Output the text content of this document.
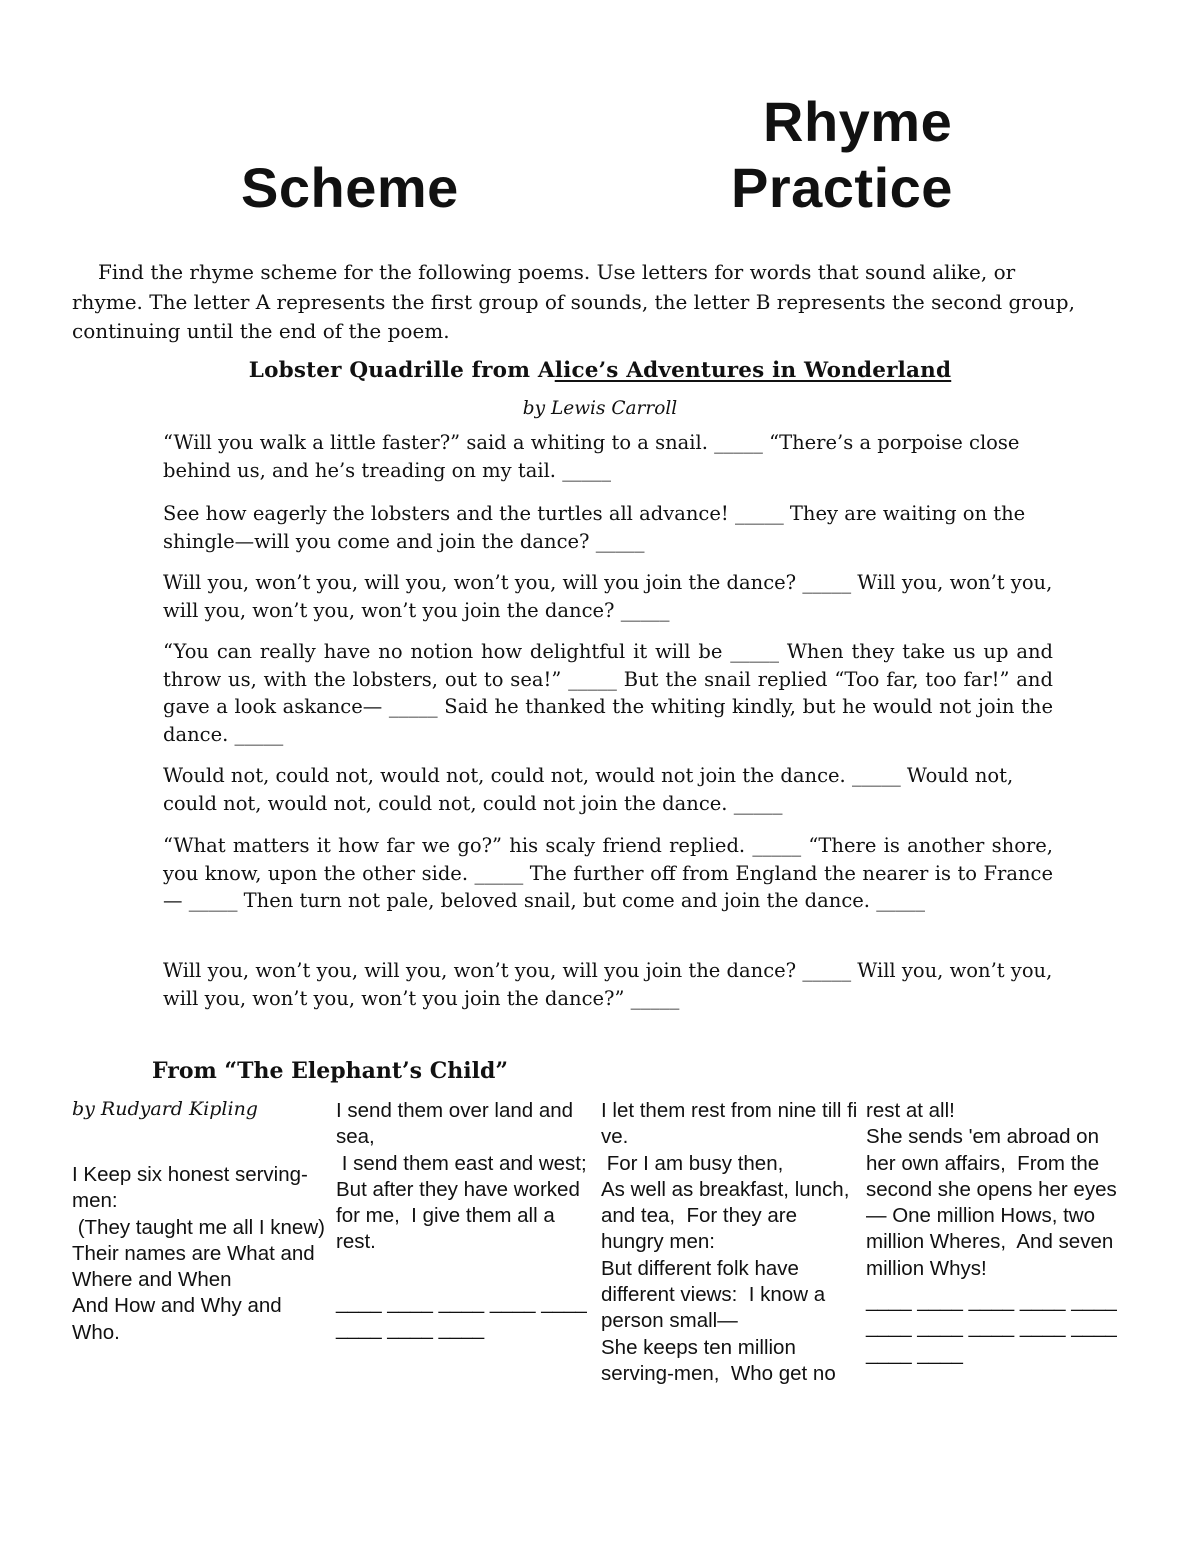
Rhyme
Scheme	Practice

Find the rhyme scheme for the following poems. Use letters for words that sound alike, or rhyme. The letter A represents the first group of sounds, the letter B represents the second group, continuing until the end of the poem.

Lobster Quadrille from Alice’s Adventures in Wonderland
by Lewis Carroll

“Will you walk a little faster?” said a whiting to a snail. _____ “There’s a porpoise close behind us, and he’s treading on my tail. _____

See how eagerly the lobsters and the turtles all advance! _____ They are waiting on the shingle—will you come and join the dance? _____

Will you, won’t you, will you, won’t you, will you join the dance? _____ Will you, won’t you, will you, won’t you, won’t you join the dance? _____

“You can really have no notion how delightful it will be _____ When they take us up and throw us, with the lobsters, out to sea!” _____ But the snail replied “Too far, too far!” and gave a look askance— _____ Said he thanked the whiting kindly, but he would not join the dance. _____

Would not, could not, would not, could not, would not join the dance. _____ Would not, could not, would not, could not, could not join the dance. _____

“What matters it how far we go?” his scaly friend replied. _____ “There is another shore, you know, upon the other side. _____ The further off from England the nearer is to France— _____ Then turn not pale, beloved snail, but come and join the dance. _____

Will you, won’t you, will you, won’t you, will you join the dance? _____ Will you, won’t you, will you, won’t you, won’t you join the dance?” _____

From “The Elephant’s Child”
by Rudyard Kipling
I Keep six honest serving-men:
(They taught me all I knew)
Their names are What and Where and When
And How and Why and Who.

I send them over land and sea,
I send them east and west;
But after they have worked for me,  I give them all a rest.

____ ____ ____ ____ ____
____ ____ ____

I let them rest from nine till fi ve.
For I am busy then,
As well as breakfast, lunch, and tea,  For they are hungry men:
But different folk have different views:  I know a person small—
She keeps ten million serving-men,  Who get no

rest at all!
She sends 'em abroad on her own affairs,  From the second she opens her eyes— One million Hows, two million Wheres,  And seven million Whys!

____ ____ ____ ____ ____
____ ____ ____ ____ ____
____ ____
